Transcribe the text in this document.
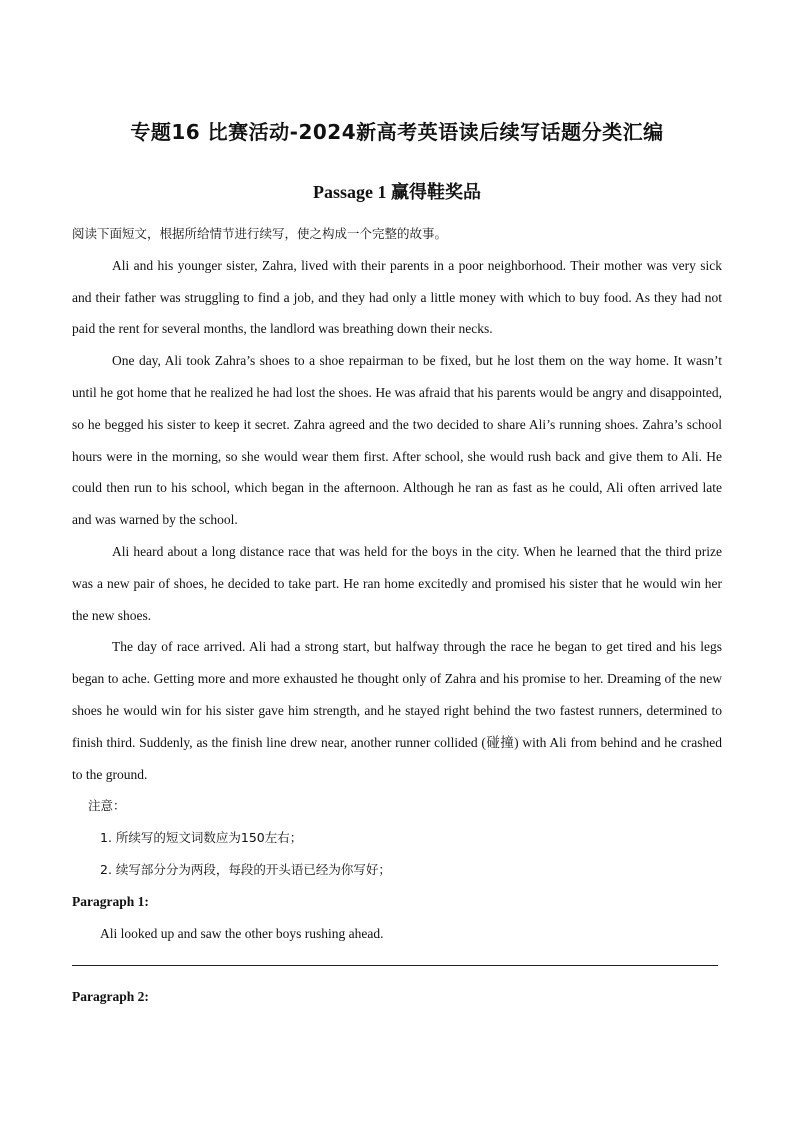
专题16 比赛活动-2024新高考英语读后续写话题分类汇编
Passage 1 赢得鞋奖品

阅读下面短文，根据所给情节进行续写，使之构成一个完整的故事。

Ali and his younger sister, Zahra, lived with their parents in a poor neighborhood. Their mother was very sick and their father was struggling to find a job, and they had only a little money with which to buy food. As they had not paid the rent for several months, the landlord was breathing down their necks.

One day, Ali took Zahra’s shoes to a shoe repairman to be fixed, but he lost them on the way home. It wasn’t until he got home that he realized he had lost the shoes. He was afraid that his parents would be angry and disappointed, so he begged his sister to keep it secret. Zahra agreed and the two decided to share Ali’s running shoes. Zahra’s school hours were in the morning, so she would wear them first. After school, she would rush back and give them to Ali. He could then run to his school, which began in the afternoon. Although he ran as fast as he could, Ali often arrived late and was warned by the school.

Ali heard about a long distance race that was held for the boys in the city. When he learned that the third prize was a new pair of shoes, he decided to take part. He ran home excitedly and promised his sister that he would win her the new shoes.

The day of race arrived. Ali had a strong start, but halfway through the race he began to get tired and his legs began to ache. Getting more and more exhausted he thought only of Zahra and his promise to her. Dreaming of the new shoes he would win for his sister gave him strength, and he stayed right behind the two fastest runners, determined to finish third. Suddenly, as the finish line drew near, another runner collided (碰撞) with Ali from behind and he crashed to the ground.

注意：

1. 所续写的短文词数应为150左右；

2. 续写部分分为两段，每段的开头语已经为你写好；

Paragraph 1:

Ali looked up and saw the other boys rushing ahead.

Paragraph 2:
